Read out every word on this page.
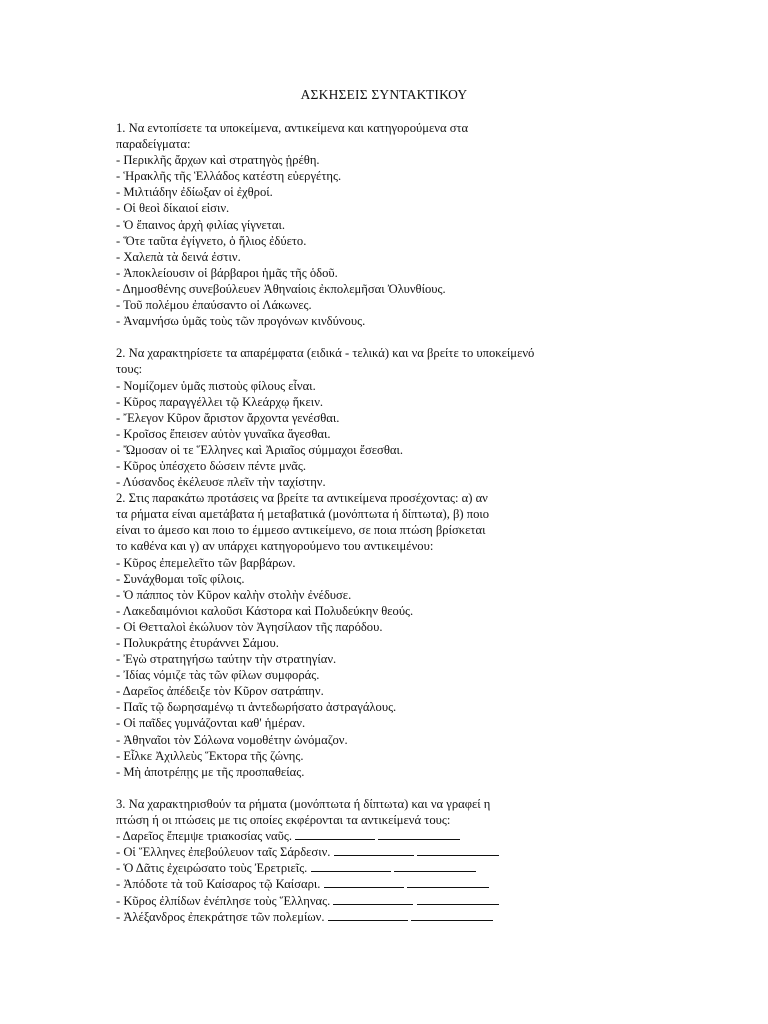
ΑΣΚΗΣΕΙΣ ΣΥΝΤΑΚΤΙΚΟΥ
1. Να εντοπίσετε τα υποκείμενα, αντικείμενα και κατηγορούμενα στα
παραδείγματα:
- Περικλῆς ἄρχων καὶ στρατηγὸς ᾑρέθη.
- Ἡρακλῆς τῆς Ἑλλάδος κατέστη εὐεργέτης.
- Μιλτιάδην ἐδίωξαν οἱ ἐχθροί.
- Οἱ θεοὶ δίκαιοί εἰσιν.
- Ὁ ἔπαινος ἀρχὴ φιλίας γίγνεται.
- Ὅτε ταῦτα ἐγίγνετο, ὁ ἥλιος ἐδύετο.
- Χαλεπὰ τὰ δεινά ἐστιν.
- Ἀποκλείουσιν οἱ βάρβαροι ἡμᾶς τῆς ὁδοῦ.
- Δημοσθένης συνεβούλευεν Ἀθηναίοις ἐκπολεμῆσαι Ὀλυνθίους.
- Τοῦ πολέμου ἐπαύσαντο οἱ Λάκωνες.
- Ἀναμνήσω ὑμᾶς τοὺς τῶν προγόνων κινδύνους.
2. Να χαρακτηρίσετε τα απαρέμφατα (ειδικά - τελικά) και να βρείτε το υποκείμενό
τους:
- Νομίζομεν ὑμᾶς πιστοὺς φίλους εἶναι.
- Κῦρος παραγγέλλει τῷ Κλεάρχῳ ἥκειν.
- Ἔλεγον Κῦρον ἄριστον ἄρχοντα γενέσθαι.
- Κροῖσος ἔπεισεν αὐτὸν γυναῖκα ἄγεσθαι.
- Ὤμοσαν οἱ τε Ἕλληνες καὶ Ἀριαῖος σύμμαχοι ἔσεσθαι.
- Κῦρος ὑπέσχετο δώσειν πέντε μνᾶς.
- Λύσανδος ἐκέλευσε πλεῖν τὴν ταχίστην.
2. Στις παρακάτω προτάσεις να βρείτε τα αντικείμενα προσέχοντας: α) αν
τα ρήματα είναι αμετάβατα ή μεταβατικά (μονόπτωτα ή δίπτωτα), β) ποιο
είναι το άμεσο και ποιο το έμμεσο αντικείμενο, σε ποια πτώση βρίσκεται
το καθένα και γ) αν υπάρχει κατηγορούμενο του αντικειμένου:
- Κῦρος ἐπεμελεῖτο τῶν βαρβάρων.
- Συνάχθομαι τοῖς φίλοις.
- Ὁ πάππος τὸν Κῦρον καλὴν στολὴν ἐνέδυσε.
- Λακεδαιμόνιοι καλοῦσι Κάστορα καὶ Πολυδεύκην θεούς.
- Οἱ Θετταλοὶ ἐκώλυον τὸν Ἀγησίλαον τῆς παρόδου.
- Πολυκράτης ἐτυράννει Σάμου.
- Ἐγὼ στρατηγήσω ταύτην τὴν στρατηγίαν.
- Ἰδίας νόμιζε τὰς τῶν φίλων συμφοράς.
- Δαρεῖος ἀπέδειξε τὸν Κῦρον σατράπην.
- Παῖς τῷ δωρησαμένῳ τι ἀντεδωρήσατο ἀστραγάλους.
- Οἱ παῖδες γυμνάζονται καθ' ἡμέραν.
- Ἀθηναῖοι τὸν Σόλωνα νομοθέτην ὠνόμαζον.
- Εἷλκε Ἀχιλλεὺς Ἕκτορα τῆς ζώνης.
- Μὴ ἀποτρέπῃς με τῆς προσπαθείας.
3. Να χαρακτηρισθούν τα ρήματα (μονόπτωτα ή δίπτωτα) και να γραφεί η
πτώση ή οι πτώσεις με τις οποίες εκφέρονται τα αντικείμενά τους:
- Δαρεῖος ἔπεμψε τριακοσίας ναῦς.
- Οἱ Ἕλληνες ἐπεβούλευον ταῖς Σάρδεσιν.
- Ὁ Δᾶτις ἐχειρώσατο τοὺς Ἐρετριεῖς.
- Ἀπόδοτε τὰ τοῦ Καίσαρος τῷ Καίσαρι.
- Κῦρος ἐλπίδων ἐνέπλησε τοὺς Ἕλληνας.
- Ἀλέξανδρος ἐπεκράτησε τῶν πολεμίων.
